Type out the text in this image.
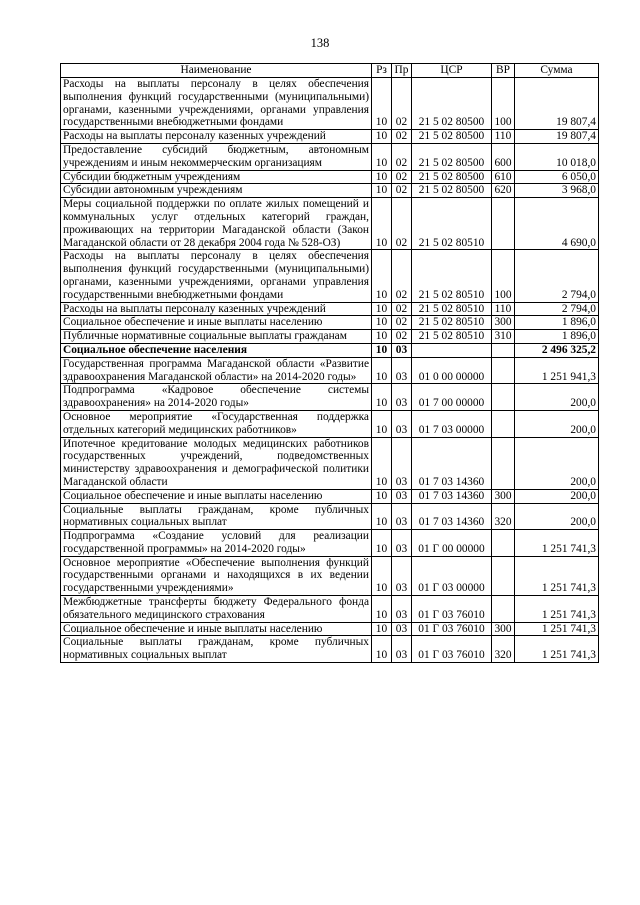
138
Наименование	Рз	Пр	ЦСР	ВР	Сумма
Расходы на выплаты персоналу в целях обеспечения выполнения функций государственными (муниципальными) органами, казенными учреждениями, органами управления государственными внебюджетными фондами	10	02	21 5 02 80500	100	19 807,4
Расходы на выплаты персоналу казенных учреждений	10	02	21 5 02 80500	110	19 807,4
Предоставление субсидий бюджетным, автономным учреждениям и иным некоммерческим организациям	10	02	21 5 02 80500	600	10 018,0
Субсидии бюджетным учреждениям	10	02	21 5 02 80500	610	6 050,0
Субсидии автономным учреждениям	10	02	21 5 02 80500	620	3 968,0
Меры социальной поддержки по оплате жилых помещений и коммунальных услуг отдельных категорий граждан, проживающих на территории Магаданской области (Закон Магаданской области от 28 декабря 2004 года № 528-ОЗ)	10	02	21 5 02 80510		4 690,0
Расходы на выплаты персоналу в целях обеспечения выполнения функций государственными (муниципальными) органами, казенными учреждениями, органами управления государственными внебюджетными фондами	10	02	21 5 02 80510	100	2 794,0
Расходы на выплаты персоналу казенных учреждений	10	02	21 5 02 80510	110	2 794,0
Социальное обеспечение и иные выплаты населению	10	02	21 5 02 80510	300	1 896,0
Публичные нормативные социальные выплаты гражданам	10	02	21 5 02 80510	310	1 896,0
Социальное обеспечение населения	10	03			2 496 325,2
Государственная программа Магаданской области «Развитие здравоохранения Магаданской области» на 2014-2020 годы»	10	03	01 0 00 00000		1 251 941,3
Подпрограмма «Кадровое обеспечение системы здравоохранения» на 2014-2020 годы»	10	03	01 7 00 00000		200,0
Основное мероприятие «Государственная поддержка отдельных категорий медицинских работников»	10	03	01 7 03 00000		200,0
Ипотечное кредитование молодых медицинских работников государственных учреждений, подведомственных министерству здравоохранения и демографической политики Магаданской области	10	03	01 7 03 14360		200,0
Социальное обеспечение и иные выплаты населению	10	03	01 7 03 14360	300	200,0
Социальные выплаты гражданам, кроме публичных нормативных социальных выплат	10	03	01 7 03 14360	320	200,0
Подпрограмма «Создание условий для реализации государственной программы» на 2014-2020 годы»	10	03	01 Г 00 00000		1 251 741,3
Основное мероприятие «Обеспечение выполнения функций государственными органами и находящихся в их ведении государственными учреждениями»	10	03	01 Г 03 00000		1 251 741,3
Межбюджетные трансферты бюджету Федерального фонда обязательного медицинского страхования	10	03	01 Г 03 76010		1 251 741,3
Социальное обеспечение и иные выплаты населению	10	03	01 Г 03 76010	300	1 251 741,3
Социальные выплаты гражданам, кроме публичных нормативных социальных выплат	10	03	01 Г 03 76010	320	1 251 741,3
